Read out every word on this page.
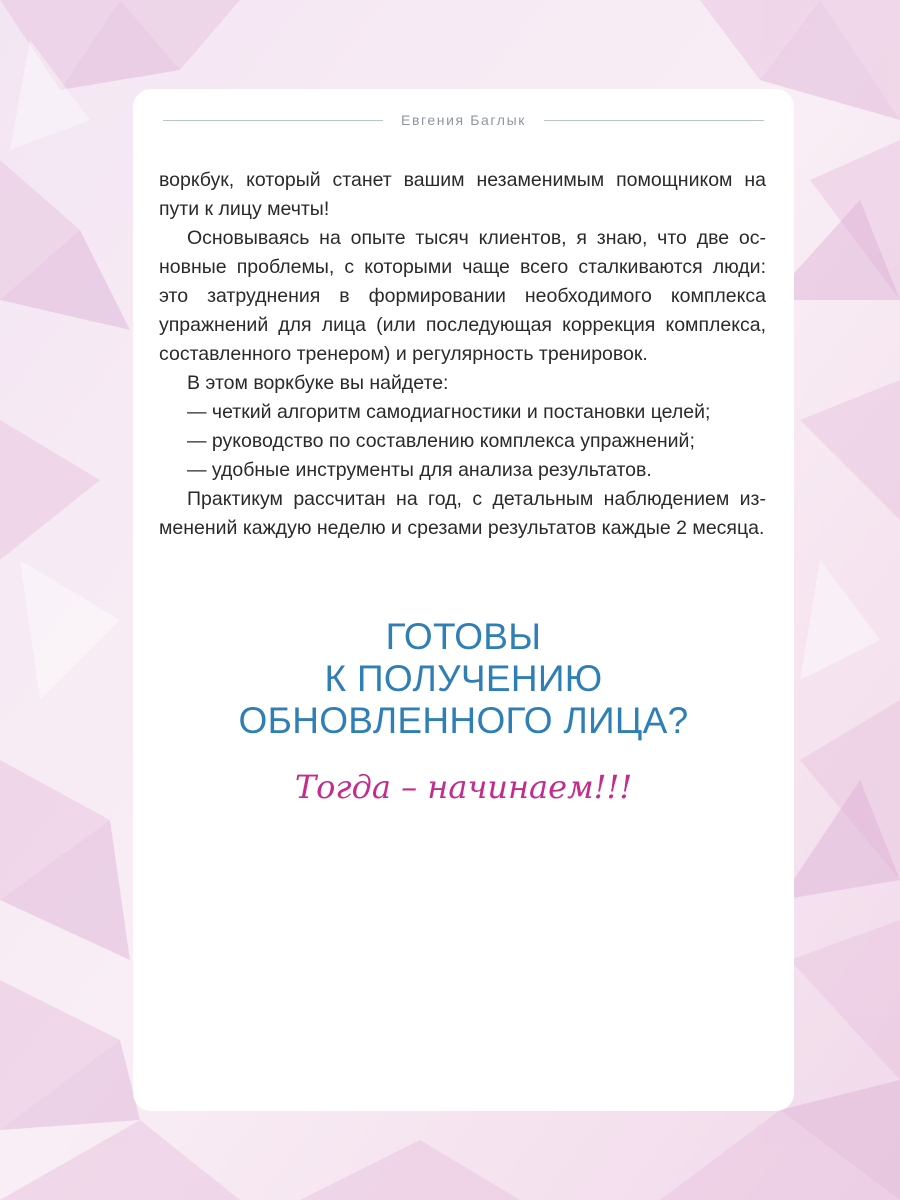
Евгения Баглык

воркбук, который станет вашим незаменимым помощником на пути к лицу мечты!

Основываясь на опыте тысяч клиентов, я знаю, что две основные проблемы, с которыми чаще всего сталкиваются люди: это затруднения в формировании необходимого комплекса упражнений для лица (или последующая коррекция комплекса, составленного тренером) и регулярность тренировок.

В этом воркбуке вы найдете:

— четкий алгоритм самодиагностики и постановки целей;

— руководство по составлению комплекса упражнений;

— удобные инструменты для анализа результатов.

Практикум рассчитан на год, с детальным наблюдением изменений каждую неделю и срезами результатов каждые 2 месяца.

ГОТОВЫ
К ПОЛУЧЕНИЮ
ОБНОВЛЕННОГО ЛИЦА?
Тогда – начинаем!!!
